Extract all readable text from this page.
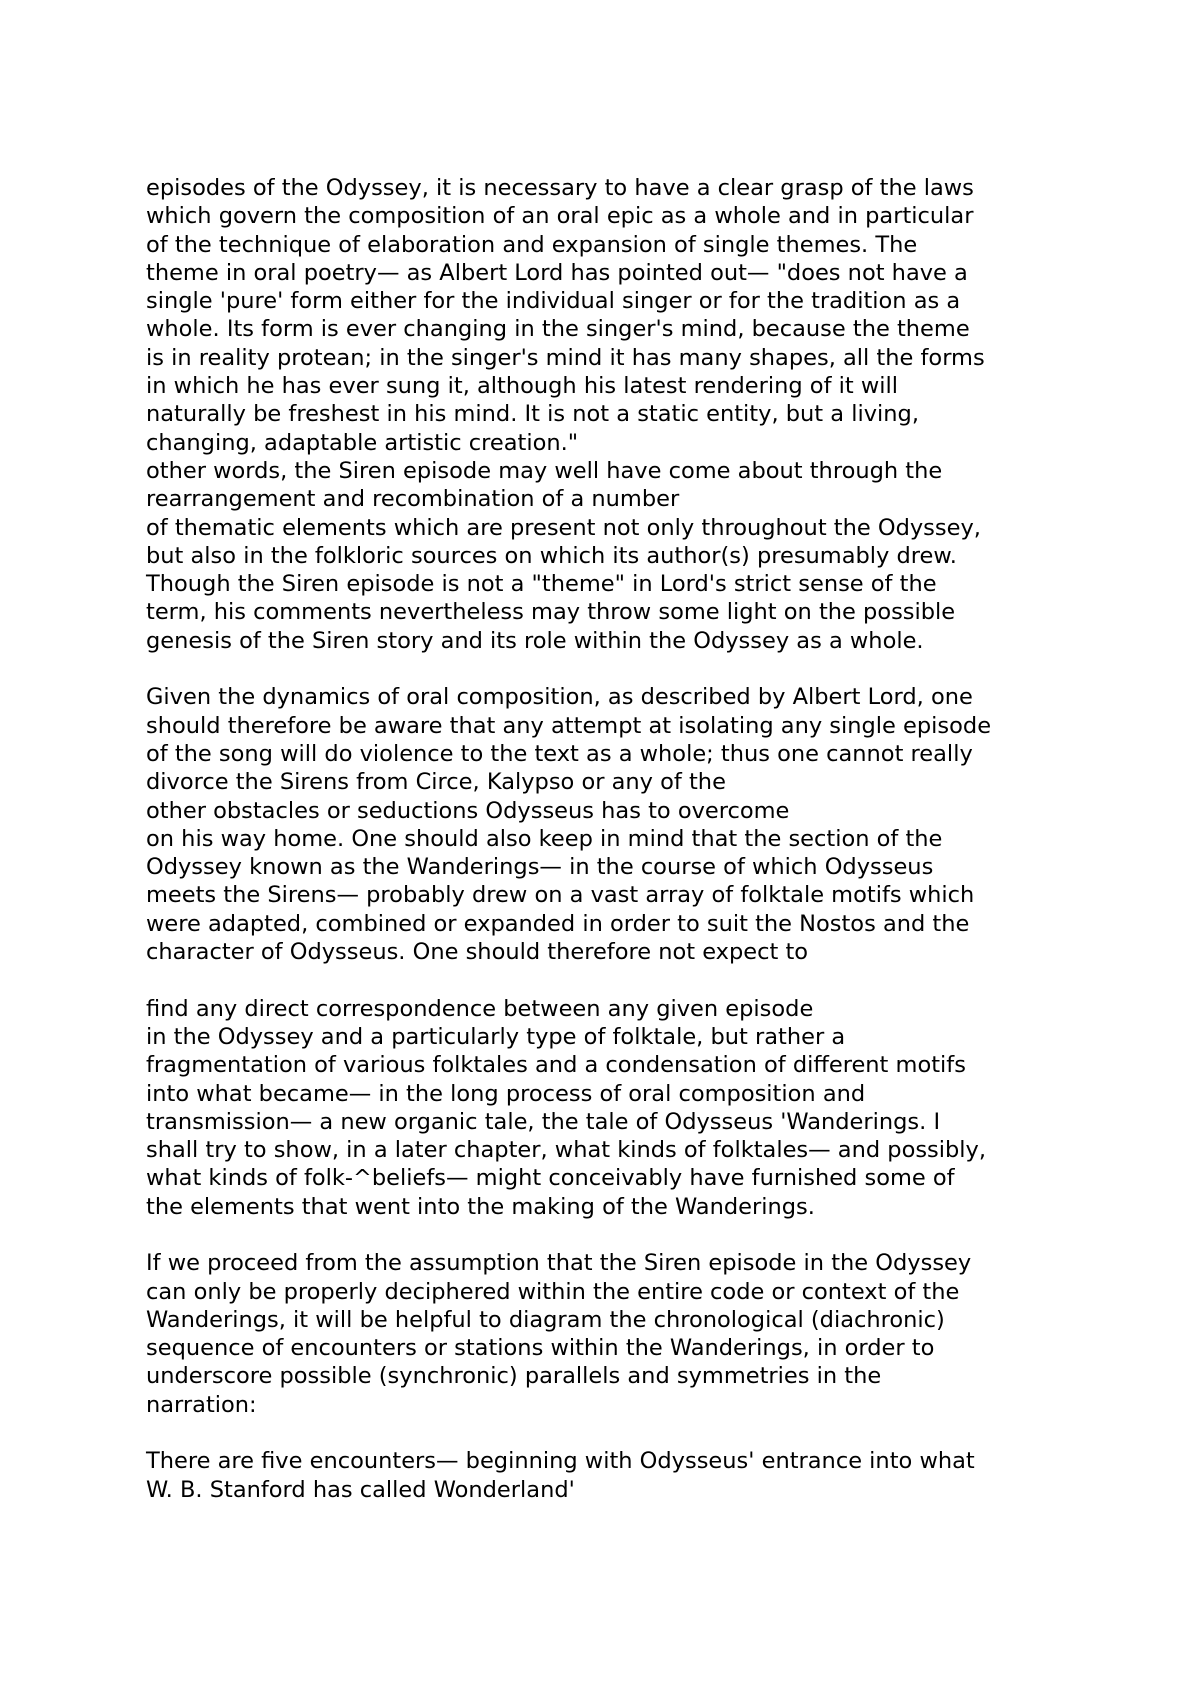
episodes of the Odyssey, it is necessary to have a clear grasp of the laws
which govern the composition of an oral epic as a whole and in particular
of the technique of elaboration and expansion of single themes. The
theme in oral poetry— as Albert Lord has pointed out— "does not have a
single 'pure' form either for the individual singer or for the tradition as a
whole. Its form is ever changing in the singer's mind, because the theme
is in reality protean; in the singer's mind it has many shapes, all the forms
in which he has ever sung it, although his latest rendering of it will
naturally be freshest in his mind. It is not a static entity, but a living,
changing, adaptable artistic creation."
other words, the Siren episode may well have come about through the
rearrangement and recombination of a number
of thematic elements which are present not only throughout the Odyssey,
but also in the folkloric sources on which its author(s) presumably drew.
Though the Siren episode is not a "theme" in Lord's strict sense of the
term, his comments nevertheless may throw some light on the possible
genesis of the Siren story and its role within the Odyssey as a whole.
Given the dynamics of oral composition, as described by Albert Lord, one
should therefore be aware that any attempt at isolating any single episode
of the song will do violence to the text as a whole; thus one cannot really
divorce the Sirens from Circe, Kalypso or any of the
other obstacles or seductions Odysseus has to overcome
on his way home. One should also keep in mind that the section of the
Odyssey known as the Wanderings— in the course of which Odysseus
meets the Sirens— probably drew on a vast array of folktale motifs which
were adapted, combined or expanded in order to suit the Nostos and the
character of Odysseus. One should therefore not expect to
find any direct correspondence between any given episode
in the Odyssey and a particularly type of folktale, but rather a
fragmentation of various folktales and a condensation of different motifs
into what became— in the long process of oral composition and
transmission— a new organic tale, the tale of Odysseus 'Wanderings. I
shall try to show, in a later chapter, what kinds of folktales— and possibly,
what kinds of folk-^beliefs— might conceivably have furnished some of
the elements that went into the making of the Wanderings.
If we proceed from the assumption that the Siren episode in the Odyssey
can only be properly deciphered within the entire code or context of the
Wanderings, it will be helpful to diagram the chronological (diachronic)
sequence of encounters or stations within the Wanderings, in order to
underscore possible (synchronic) parallels and symmetries in the
narration:
There are five encounters— beginning with Odysseus' entrance into what
W. B. Stanford has called Wonderland'
